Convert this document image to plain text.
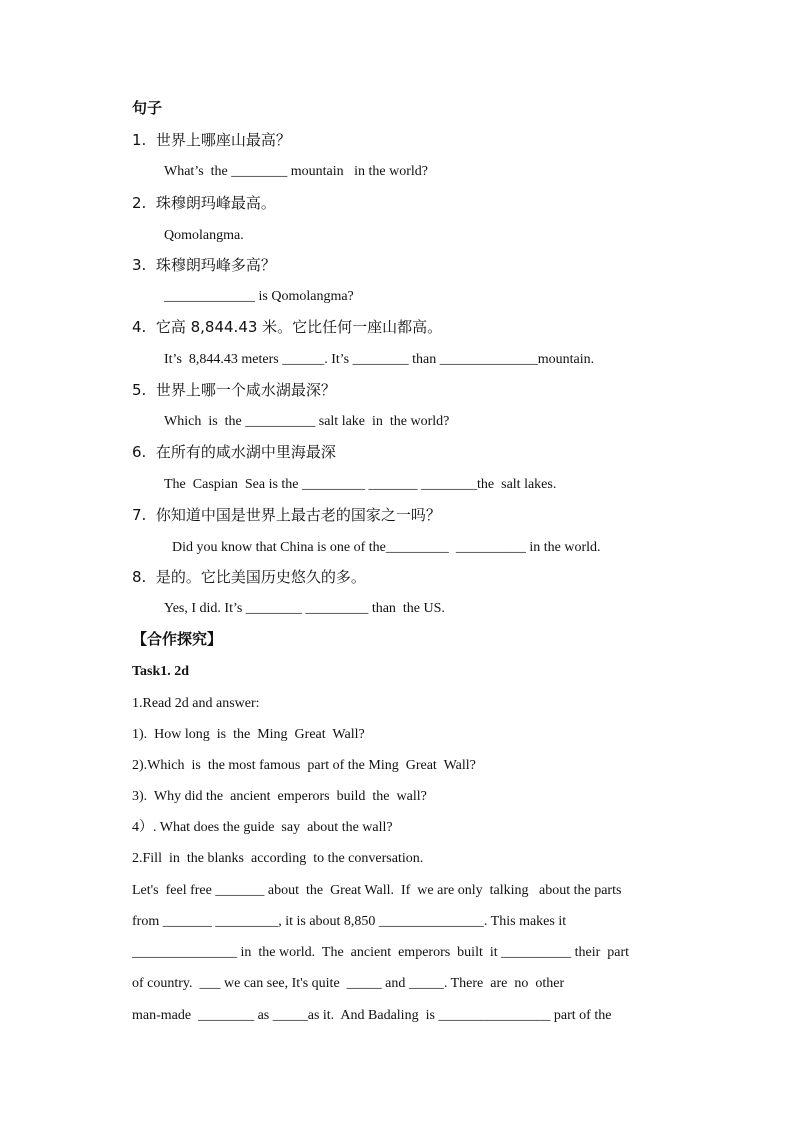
句子
1.  世界上哪座山最高？
What’s  the ________ mountain   in the world?
2.  珠穆朗玛峰最高。
Qomolangma.
3.  珠穆朗玛峰多高？
_____________ is Qomolangma?
4.  它高 8,844.43 米。它比任何一座山都高。
It’s  8,844.43 meters ______. It’s ________ than ______________mountain.
5.  世界上哪一个咸水湖最深？
Which  is  the __________ salt lake  in  the world?
6.  在所有的咸水湖中里海最深
The  Caspian  Sea is the _________ _______ ________the  salt lakes.
7.  你知道中国是世界上最古老的国家之一吗？
Did you know that China is one of the_________  __________ in the world.
8.  是的。它比美国历史悠久的多。
Yes, I did. It’s ________ _________ than  the US.
【合作探究】
Task1. 2d
1.Read 2d and answer:
1).  How long  is  the  Ming  Great  Wall?
2).Which  is  the most famous  part of the Ming  Great  Wall?
3).  Why did the  ancient  emperors  build  the  wall?
4）. What does the guide  say  about the wall?
2.Fill  in  the blanks  according  to the conversation.
Let's  feel free _______ about  the  Great Wall.  If  we are only  talking   about the parts
from _______ _________, it is about 8,850 _______________. This makes it
_______________ in  the world.  The  ancient  emperors  built  it __________ their  part
of country.  ___ we can see, It's quite  _____ and _____. There  are  no  other
man-made  ________ as _____as it.  And Badaling  is ________________ part of the
